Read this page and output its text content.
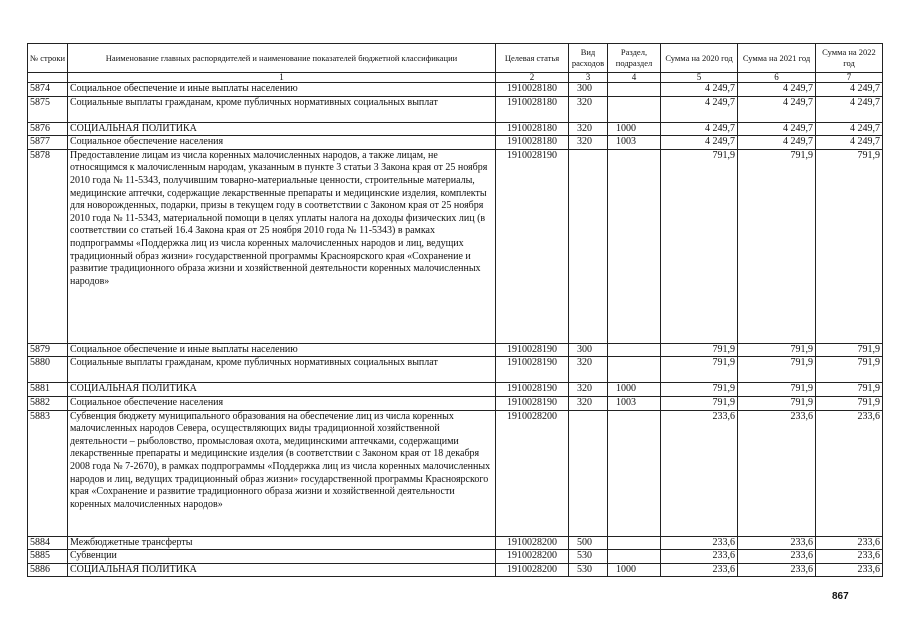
№ строки	Наименование главных распорядителей и наименование показателей бюджетной классификации	Целевая статья	Вид расходов	Раздел, подраздел	Сумма на 2020 год	Сумма на 2021 год	Сумма на 2022 год
	1	2	3	4	5	6	7
5874	Социальное обеспечение и иные выплаты населению	1910028180	300		4 249,7	4 249,7	4 249,7
5875	Социальные выплаты гражданам, кроме публичных нормативных социальных выплат	1910028180	320		4 249,7	4 249,7	4 249,7
5876	СОЦИАЛЬНАЯ ПОЛИТИКА	1910028180	320	1000	4 249,7	4 249,7	4 249,7
5877	Социальное обеспечение населения	1910028180	320	1003	4 249,7	4 249,7	4 249,7
5878	Предоставление лицам из числа коренных малочисленных народов, а также лицам, не относящимся к малочисленным народам, указанным в пункте 3 статьи 3 Закона края от 25 ноября 2010 года № 11-5343, получившим товарно-материальные ценности, строительные материалы, медицинские аптечки, содержащие лекарственные препараты и медицинские изделия, комплекты для новорожденных, подарки, призы в текущем году в соответствии с Законом края от 25 ноября 2010 года № 11-5343, материальной помощи в целях уплаты налога на доходы физических лиц (в соответствии со статьей 16.4 Закона края от 25 ноября 2010 года № 11-5343) в рамках подпрограммы «Поддержка лиц из числа коренных малочисленных народов и лиц, ведущих традиционный образ жизни» государственной программы Красноярского края «Сохранение и развитие традиционного образа жизни и хозяйственной деятельности коренных малочисленных народов»	1910028190			791,9	791,9	791,9
5879	Социальное обеспечение и иные выплаты населению	1910028190	300		791,9	791,9	791,9
5880	Социальные выплаты гражданам, кроме публичных нормативных социальных выплат	1910028190	320		791,9	791,9	791,9
5881	СОЦИАЛЬНАЯ ПОЛИТИКА	1910028190	320	1000	791,9	791,9	791,9
5882	Социальное обеспечение населения	1910028190	320	1003	791,9	791,9	791,9
5883	Субвенция бюджету муниципального образования на обеспечение лиц из числа коренных малочисленных народов Севера, осуществляющих виды традиционной хозяйственной деятельности – рыболовство, промысловая охота, медицинскими аптечками, содержащими лекарственные препараты и медицинские изделия (в соответствии с Законом края от 18 декабря 2008 года № 7-2670), в рамках подпрограммы «Поддержка лиц из числа коренных малочисленных народов и лиц, ведущих традиционный образ жизни» государственной программы Красноярского края «Сохранение и развитие традиционного образа жизни и хозяйственной деятельности коренных малочисленных народов»	1910028200			233,6	233,6	233,6
5884	Межбюджетные трансферты	1910028200	500		233,6	233,6	233,6
5885	Субвенции	1910028200	530		233,6	233,6	233,6
5886	СОЦИАЛЬНАЯ ПОЛИТИКА	1910028200	530	1000	233,6	233,6	233,6
867
